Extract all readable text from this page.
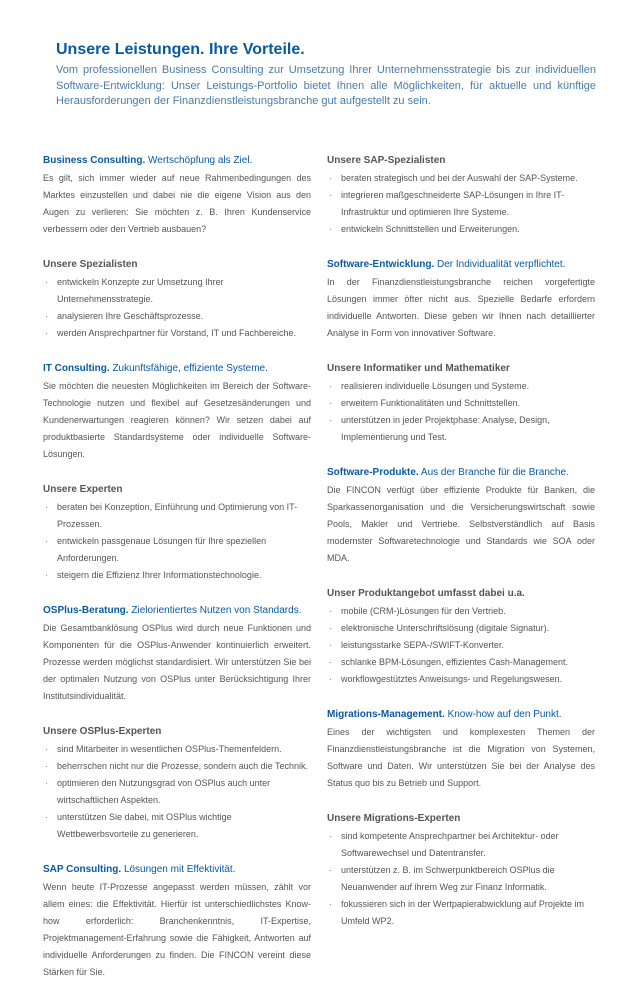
Unsere Leistungen. Ihre Vorteile.

Vom professionellen Business Consulting zur Umsetzung Ihrer Unternehmensstrategie bis zur individuellen Software-Entwicklung: Unser Leistungs-Portfolio bietet Ihnen alle Möglichkeiten, für aktuelle und künftige Herausforderungen der Finanzdienstleistungsbranche gut aufgestellt zu sein.

Business Consulting. Wertschöpfung als Ziel.

Es gilt, sich immer wieder auf neue Rahmenbedingungen des Marktes einzustellen und dabei nie die eigene Vision aus den Augen zu verlieren: Sie möchten z. B. Ihren Kundenservice verbessern oder den Vertrieb ausbauen?

Unsere Spezialisten
· entwickeln Konzepte zur Umsetzung Ihrer Unternehmensstrategie.
· analysieren Ihre Geschäftsprozesse.
· werden Ansprechpartner für Vorstand, IT und Fachbereiche.
IT Consulting. Zukunftsfähige, effiziente Systeme.

Sie möchten die neuesten Möglichkeiten im Bereich der Software-Technologie nutzen und flexibel auf Gesetzesänderungen und Kundenerwartungen reagieren können? Wir setzen dabei auf produktbasierte Standardsysteme oder individuelle Software-Lösungen.

Unsere Experten
· beraten bei Konzeption, Einführung und Optimierung von IT-Prozessen.
· entwickeln passgenaue Lösungen für Ihre speziellen Anforderungen.
· steigern die Effizienz Ihrer Informationstechnologie.
OSPlus-Beratung. Zielorientiertes Nutzen von Standards.

Die Gesamtbanklösung OSPlus wird durch neue Funktionen und Komponenten für die OSPlus-Anwender kontinuierlich erweitert. Prozesse werden möglichst standardisiert. Wir unterstützen Sie bei der optimalen Nutzung von OSPlus unter Berücksichtigung Ihrer Institutsindividualität.

Unsere OSPlus-Experten
· sind Mitarbeiter in wesentlichen OSPlus-Themenfeldern.
· beherrschen nicht nur die Prozesse, sondern auch die Technik.
· optimieren den Nutzungsgrad von OSPlus auch unter wirtschaftlichen Aspekten.
· unterstützen Sie dabei, mit OSPlus wichtige Wettbewerbsvorteile zu generieren.
SAP Consulting. Lösungen mit Effektivität.

Wenn heute IT-Prozesse angepasst werden müssen, zählt vor allem eines: die Effektivität. Hierfür ist unterschiedlichstes Know-how erforderlich: Branchenkenntnis, IT-Expertise, Projektmanagement-Erfahrung sowie die Fähigkeit, Antworten auf individuelle Anforderungen zu finden. Die FINCON vereint diese Stärken für Sie.

Unsere SAP-Spezialisten
· beraten strategisch und bei der Auswahl der SAP-Systeme.
· integrieren maßgeschneiderte SAP-Lösungen in Ihre IT-Infrastruktur und optimieren Ihre Systeme.
· entwickeln Schnittstellen und Erweiterungen.
Software-Entwicklung. Der Individualität verpflichtet.

In der Finanzdienstleistungsbranche reichen vorgefertigte Lösungen immer öfter nicht aus. Spezielle Bedarfe erfordern individuelle Antworten. Diese geben wir Ihnen nach detaillierter Analyse in Form von innovativer Software.

Unsere Informatiker und Mathematiker
· realisieren individuelle Lösungen und Systeme.
· erweitern Funktionalitäten und Schnittstellen.
· unterstützen in jeder Projektphase: Analyse, Design, Implementierung und Test.
Software-Produkte. Aus der Branche für die Branche.

Die FINCON verfügt über effiziente Produkte für Banken, die Sparkassenorganisation und die Versicherungswirtschaft sowie Pools, Makler und Vertriebe. Selbstverständlich auf Basis modernster Softwaretechnologie und Standards wie SOA oder MDA.

Unser Produktangebot umfasst dabei u.a.
· mobile (CRM-)Lösungen für den Vertrieb.
· elektronische Unterschriftslösung (digitale Signatur).
· leistungsstarke SEPA-/SWIFT-Konverter.
· schlanke BPM-Lösungen, effizientes Cash-Management.
· workflowgestütztes Anweisungs- und Regelungswesen.
Migrations-Management. Know-how auf den Punkt.

Eines der wichtigsten und komplexesten Themen der Finanzdienstleistungsbranche ist die Migration von Systemen, Software und Daten. Wir unterstützen Sie bei der Analyse des Status quo bis zu Betrieb und Support.

Unsere Migrations-Experten
· sind kompetente Ansprechpartner bei Architektur- oder Softwarewechsel und Datentransfer.
· unterstützen z. B. im Schwerpunktbereich OSPlus die Neuanwender auf ihrem Weg zur Finanz Informatik.
· fokussieren sich in der Wertpapierabwicklung auf Projekte im Umfeld WP2.
